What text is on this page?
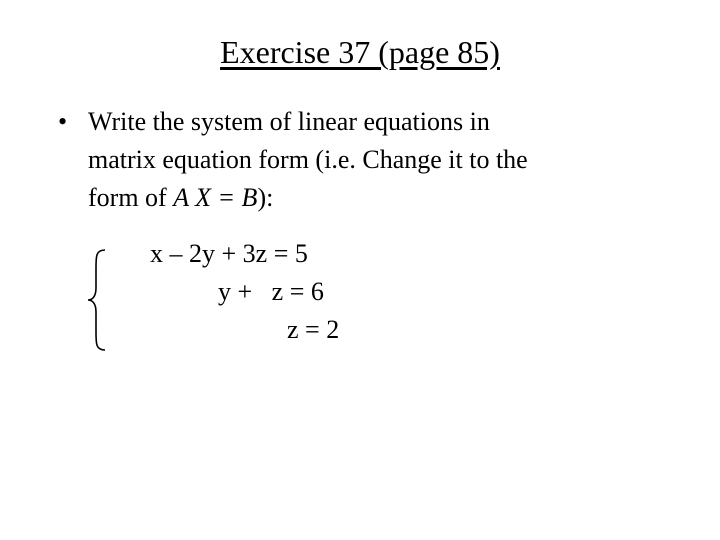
Exercise 37 (page 85)
• Write the system of linear equations in
matrix equation form (i.e. Change it to the
form of A X = B):
x – 2y + 3z = 5
y +   z = 6
z = 2
